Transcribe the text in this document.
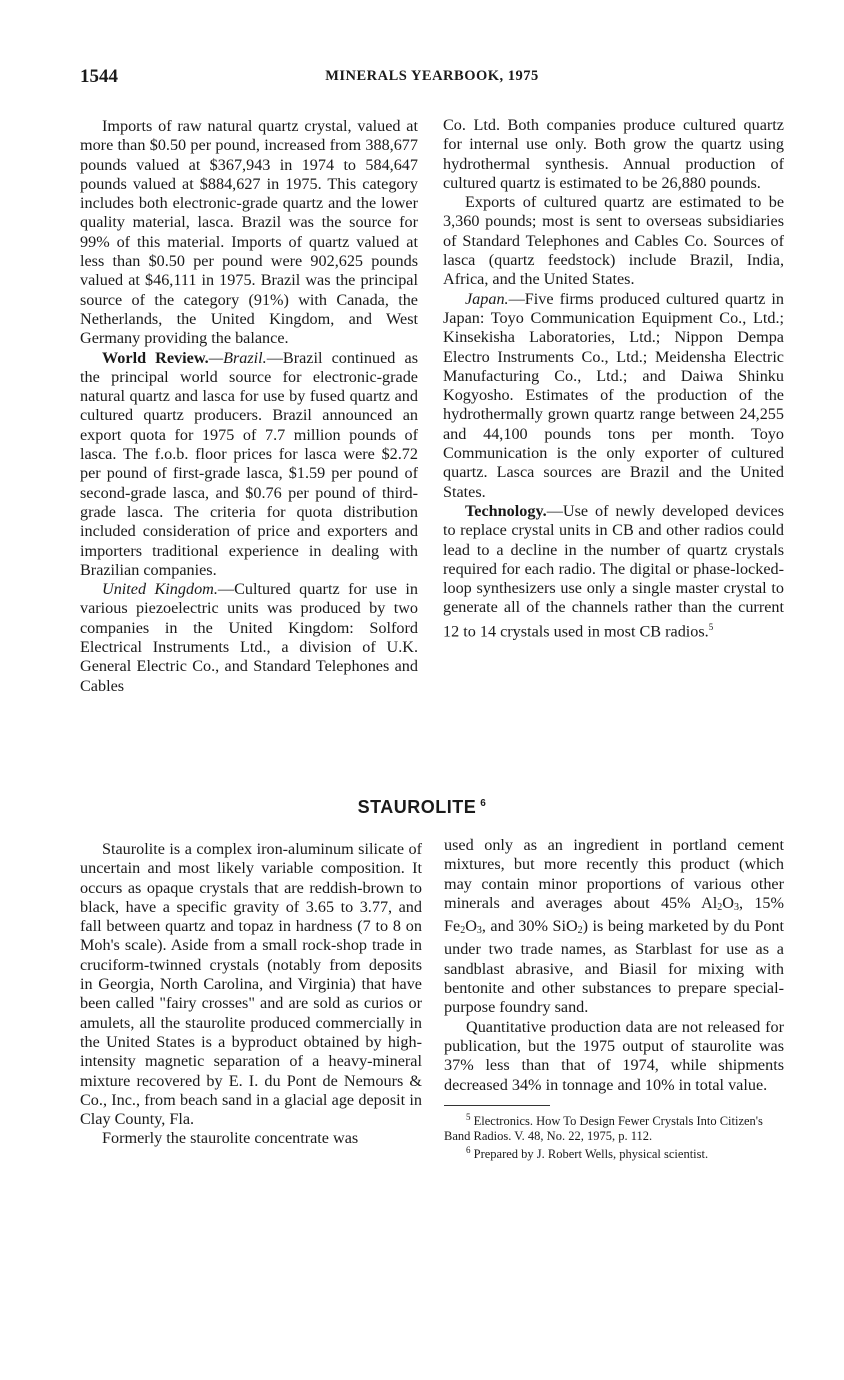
1544	MINERALS YEARBOOK, 1975

Imports of raw natural quartz crystal, valued at more than $0.50 per pound, increased from 388,677 pounds valued at $367,943 in 1974 to 584,647 pounds valued at $884,627 in 1975. This category includes both electronic-grade quartz and the lower quality material, lasca. Brazil was the source for 99% of this material. Imports of quartz valued at less than $0.50 per pound were 902,625 pounds valued at $46,111 in 1975. Brazil was the principal source of the category (91%) with Canada, the Netherlands, the United Kingdom, and West Germany providing the balance.

World Review.—Brazil.—Brazil continued as the principal world source for electronic-grade natural quartz and lasca for use by fused quartz and cultured quartz producers. Brazil announced an export quota for 1975 of 7.7 million pounds of lasca. The f.o.b. floor prices for lasca were $2.72 per pound of first-grade lasca, $1.59 per pound of second-grade lasca, and $0.76 per pound of third-grade lasca. The criteria for quota distribution included consideration of price and exporters and importers traditional experience in dealing with Brazilian companies.

United Kingdom.—Cultured quartz for use in various piezoelectric units was produced by two companies in the United Kingdom: Solford Electrical Instruments Ltd., a division of U.K. General Electric Co., and Standard Telephones and Cables

Co. Ltd. Both companies produce cultured quartz for internal use only. Both grow the quartz using hydrothermal synthesis. Annual production of cultured quartz is estimated to be 26,880 pounds.

Exports of cultured quartz are estimated to be 3,360 pounds; most is sent to overseas subsidiaries of Standard Telephones and Cables Co. Sources of lasca (quartz feedstock) include Brazil, India, Africa, and the United States.

Japan.—Five firms produced cultured quartz in Japan: Toyo Communication Equipment Co., Ltd.; Kinsekisha Laboratories, Ltd.; Nippon Dempa Electro Instruments Co., Ltd.; Meidensha Electric Manufacturing Co., Ltd.; and Daiwa Shinku Kogyosho. Estimates of the production of the hydrothermally grown quartz range between 24,255 and 44,100 pounds tons per month. Toyo Communication is the only exporter of cultured quartz. Lasca sources are Brazil and the United States.

Technology.—Use of newly developed devices to replace crystal units in CB and other radios could lead to a decline in the number of quartz crystals required for each radio. The digital or phase-locked-loop synthesizers use only a single master crystal to generate all of the channels rather than the current 12 to 14 crystals used in most CB radios.$^5$

STAUROLITE $^6$

Staurolite is a complex iron-aluminum silicate of uncertain and most likely variable composition. It occurs as opaque crystals that are reddish-brown to black, have a specific gravity of 3.65 to 3.77, and fall between quartz and topaz in hardness (7 to 8 on Moh's scale). Aside from a small rock-shop trade in cruciform-twinned crystals (notably from deposits in Georgia, North Carolina, and Virginia) that have been called "fairy crosses" and are sold as curios or amulets, all the staurolite produced commercially in the United States is a byproduct obtained by high-intensity magnetic separation of a heavy-mineral mixture recovered by E. I. du Pont de Nemours & Co., Inc., from beach sand in a glacial age deposit in Clay County, Fla.

Formerly the staurolite concentrate was

used only as an ingredient in portland cement mixtures, but more recently this product (which may contain minor proportions of various other minerals and averages about 45% $Al_2O_3$, 15% $Fe_2O_3$, and 30% SiO$_2$) is being marketed by du Pont under two trade names, as Starblast for use as a sandblast abrasive, and Biasil for mixing with bentonite and other substances to prepare special-purpose foundry sand.

Quantitative production data are not released for publication, but the 1975 output of staurolite was 37% less than that of 1974, while shipments decreased 34% in tonnage and 10% in total value.

$^5$ Electronics. How To Design Fewer Crystals Into Citizen's Band Radios. V. 48, No. 22, 1975, p. 112.

$^6$ Prepared by J. Robert Wells, physical scientist.
